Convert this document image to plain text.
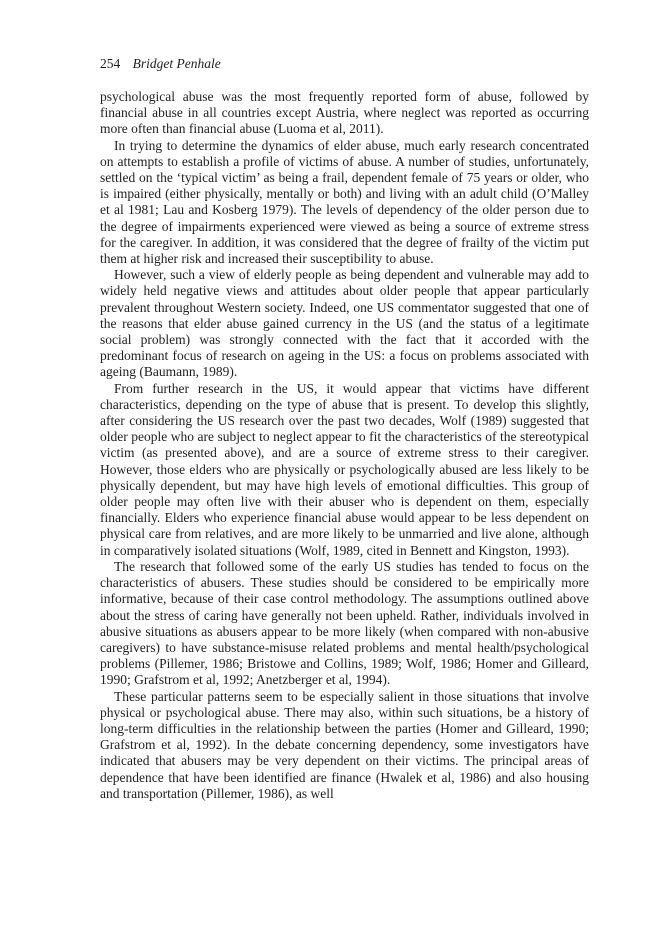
254 Bridget Penhale

psychological abuse was the most frequently reported form of abuse, followed by financial abuse in all countries except Austria, where neglect was reported as occurring more often than financial abuse (Luoma et al, 2011).

In trying to determine the dynamics of elder abuse, much early research concentrated on attempts to establish a profile of victims of abuse. A number of studies, unfortunately, settled on the ‘typical victim’ as being a frail, dependent female of 75 years or older, who is impaired (either physically, mentally or both) and living with an adult child (O’Malley et al 1981; Lau and Kosberg 1979). The levels of dependency of the older person due to the degree of impairments experienced were viewed as being a source of extreme stress for the caregiver. In addition, it was considered that the degree of frailty of the victim put them at higher risk and increased their susceptibility to abuse.

However, such a view of elderly people as being dependent and vulnerable may add to widely held negative views and attitudes about older people that appear particularly prevalent throughout Western society. Indeed, one US commentator suggested that one of the reasons that elder abuse gained currency in the US (and the status of a legitimate social problem) was strongly connected with the fact that it accorded with the predominant focus of research on ageing in the US: a focus on problems associated with ageing (Baumann, 1989).

From further research in the US, it would appear that victims have different characteristics, depending on the type of abuse that is present. To develop this slightly, after considering the US research over the past two decades, Wolf (1989) suggested that older people who are subject to neglect appear to fit the characteristics of the stereotypical victim (as presented above), and are a source of extreme stress to their caregiver. However, those elders who are physically or psychologically abused are less likely to be physically dependent, but may have high levels of emotional difficulties. This group of older people may often live with their abuser who is dependent on them, especially financially. Elders who experience financial abuse would appear to be less dependent on physical care from relatives, and are more likely to be unmarried and live alone, although in comparatively isolated situations (Wolf, 1989, cited in Bennett and Kingston, 1993).

The research that followed some of the early US studies has tended to focus on the characteristics of abusers. These studies should be considered to be empirically more informative, because of their case control methodology. The assumptions outlined above about the stress of caring have generally not been upheld. Rather, individuals involved in abusive situations as abusers appear to be more likely (when compared with non-abusive caregivers) to have substance-misuse related problems and mental health/psychological problems (Pillemer, 1986; Bristowe and Collins, 1989; Wolf, 1986; Homer and Gilleard, 1990; Grafstrom et al, 1992; Anetzberger et al, 1994).

These particular patterns seem to be especially salient in those situations that involve physical or psychological abuse. There may also, within such situations, be a history of long-term difficulties in the relationship between the parties (Homer and Gilleard, 1990; Grafstrom et al, 1992). In the debate concerning dependency, some investigators have indicated that abusers may be very dependent on their victims. The principal areas of dependence that have been identified are finance (Hwalek et al, 1986) and also housing and transportation (Pillemer, 1986), as well
